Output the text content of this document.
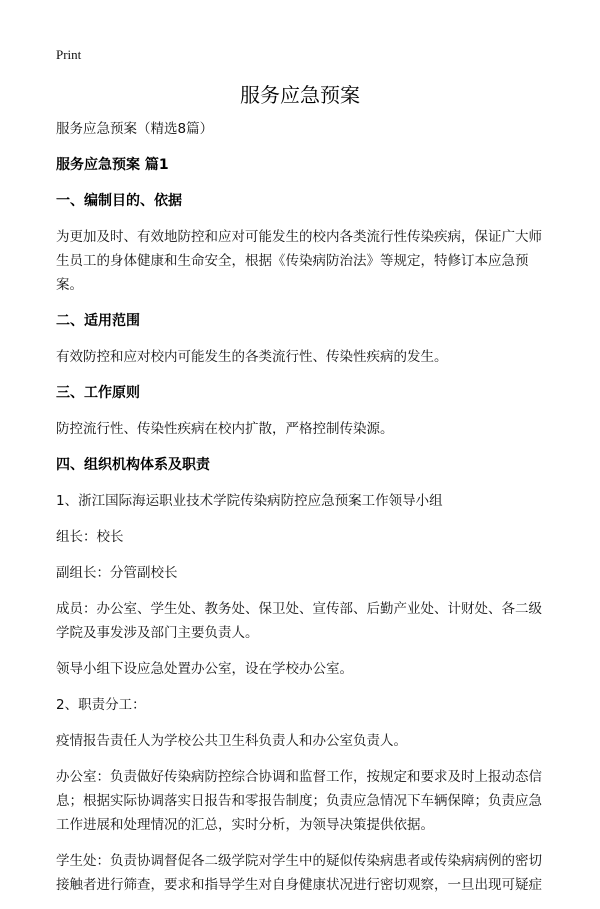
Print
服务应急预案

服务应急预案（精选8篇）

服务应急预案 篇1

一、编制目的、依据

为更加及时、有效地防控和应对可能发生的校内各类流行性传染疾病，保证广大师生员工的身体健康和生命安全，根据《传染病防治法》等规定，特修订本应急预案。

二、适用范围

有效防控和应对校内可能发生的各类流行性、传染性疾病的发生。

三、工作原则

防控流行性、传染性疾病在校内扩散，严格控制传染源。

四、组织机构体系及职责

1、浙江国际海运职业技术学院传染病防控应急预案工作领导小组

组长：校长

副组长：分管副校长

成员：办公室、学生处、教务处、保卫处、宣传部、后勤产业处、计财处、各二级学院及事发涉及部门主要负责人。

领导小组下设应急处置办公室，设在学校办公室。

2、职责分工：

疫情报告责任人为学校公共卫生科负责人和办公室负责人。

办公室：负责做好传染病防控综合协调和监督工作，按规定和要求及时上报动态信息；根据实际协调落实日报告和零报告制度；负责应急情况下车辆保障；负责应急工作进展和处理情况的汇总，实时分析，为领导决策提供依据。

学生处：负责协调督促各二级学院对学生中的疑似传染病患者或传染病病例的密切接触者进行筛查，要求和指导学生对自身健康状况进行密切观察，一旦出现可疑症
